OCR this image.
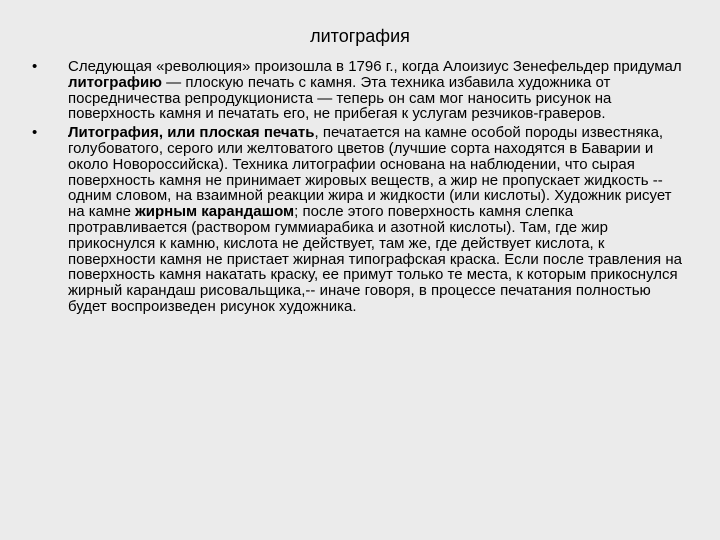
литография
• Следующая «революция» произошла в 1796 г., когда Алоизиус Зенефельдер придумал литографию — плоскую печать с камня. Эта техника избавила художника от посредничества репродукциониста — теперь он сам мог наносить рисунок на поверхность камня и печатать его, не прибегая к услугам резчиков-граверов.
• Литография, или плоская печать, печатается на камне особой породы известняка, голубоватого, серого или желтоватого цветов (лучшие сорта находятся в Баварии и около Новороссийска). Техника литографии основана на наблюдении, что сырая поверхность камня не принимает жировых веществ, а жир не пропускает жидкость -- одним словом, на взаимной реакции жира и жидкости (или кислоты). Художник рисует на камне жирным карандашом; после этого поверхность камня слепка протравливается (раствором гуммиарабика и азотной кислоты). Там, где жир прикоснулся к камню, кислота не действует, там же, где действует кислота, к поверхности камня не пристает жирная типографская краска. Если после травления на поверхность камня накатать краску, ее примут только те места, к которым прикоснулся жирный карандаш рисовальщика,-- иначе говоря, в процессе печатания полностью будет воспроизведен рисунок художника.
